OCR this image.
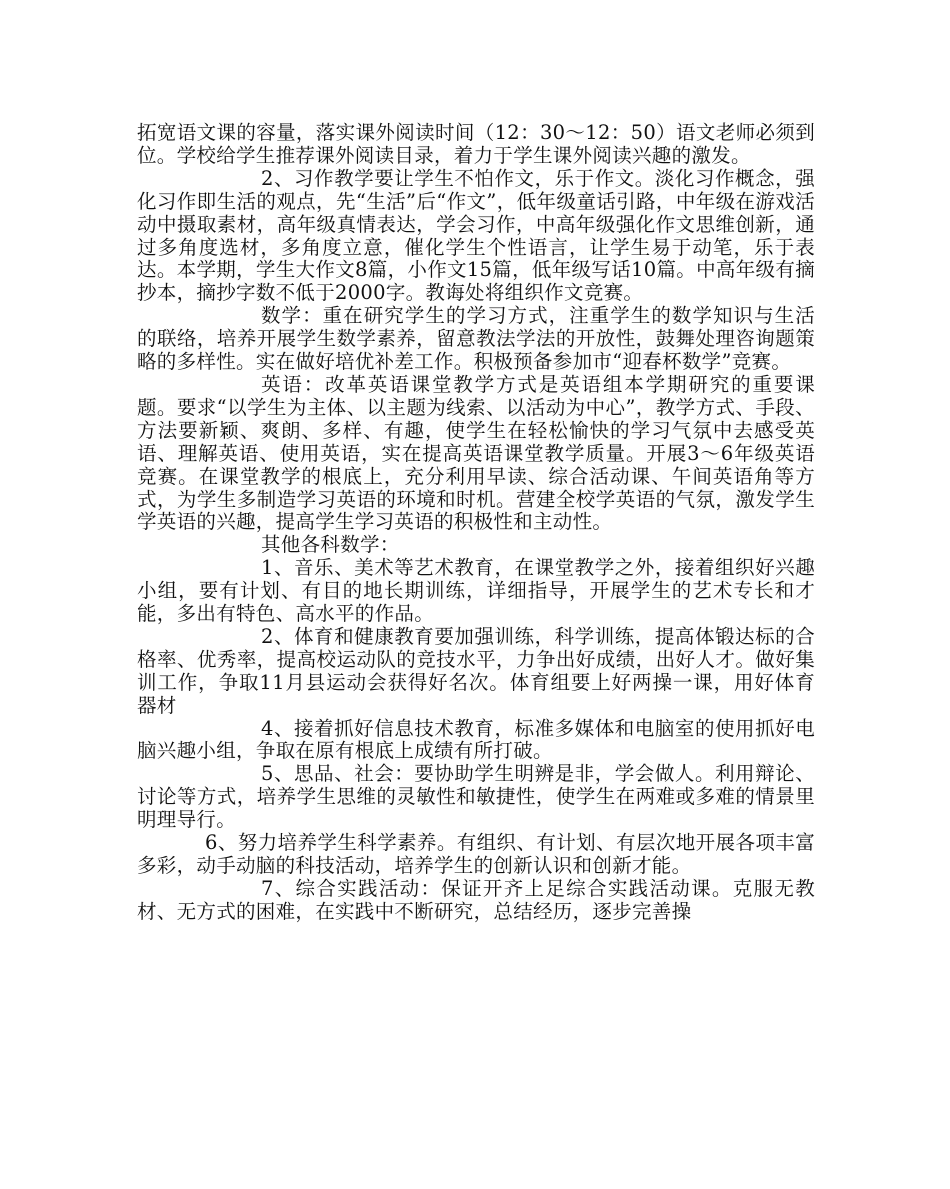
拓宽语文课的容量，落实课外阅读时间（12：30～12：50）语文老师必须到位。学校给学生推荐课外阅读目录，着力于学生课外阅读兴趣的激发。

2、习作教学要让学生不怕作文，乐于作文。淡化习作概念，强化习作即生活的观点，先“生活”后“作文”，低年级童话引路，中年级在游戏活动中摄取素材，高年级真情表达，学会习作，中高年级强化作文思维创新，通过多角度选材，多角度立意，催化学生个性语言，让学生易于动笔，乐于表达。本学期，学生大作文8篇，小作文15篇，低年级写话10篇。中高年级有摘抄本，摘抄字数不低于2000字。教诲处将组织作文竞赛。

数学：重在研究学生的学习方式，注重学生的数学知识与生活的联络，培养开展学生数学素养，留意教法学法的开放性，鼓舞处理咨询题策略的多样性。实在做好培优补差工作。积极预备参加市“迎春杯数学”竞赛。

英语：改革英语课堂教学方式是英语组本学期研究的重要课题。要求“以学生为主体、以主题为线索、以活动为中心”，教学方式、手段、方法要新颖、爽朗、多样、有趣，使学生在轻松愉快的学习气氛中去感受英语、理解英语、使用英语，实在提高英语课堂教学质量。开展3～6年级英语竞赛。在课堂教学的根底上，充分利用早读、综合活动课、午间英语角等方式，为学生多制造学习英语的环境和时机。营建全校学英语的气氛，激发学生学英语的兴趣，提高学生学习英语的积极性和主动性。

其他各科数学：

1、音乐、美术等艺术教育，在课堂教学之外，接着组织好兴趣小组，要有计划、有目的地长期训练，详细指导，开展学生的艺术专长和才能，多出有特色、高水平的作品。

2、体育和健康教育要加强训练，科学训练，提高体锻达标的合格率、优秀率，提高校运动队的竞技水平，力争出好成绩，出好人才。做好集训工作，争取11月县运动会获得好名次。体育组要上好两操一课，用好体育器材

4、接着抓好信息技术教育，标准多媒体和电脑室的使用抓好电脑兴趣小组，争取在原有根底上成绩有所打破。

5、思品、社会：要协助学生明辨是非，学会做人。利用辩论、讨论等方式，培养学生思维的灵敏性和敏捷性，使学生在两难或多难的情景里明理导行。

6、努力培养学生科学素养。有组织、有计划、有层次地开展各项丰富多彩，动手动脑的科技活动，培养学生的创新认识和创新才能。

7、综合实践活动：保证开齐上足综合实践活动课。克服无教材、无方式的困难，在实践中不断研究，总结经历，逐步完善操
